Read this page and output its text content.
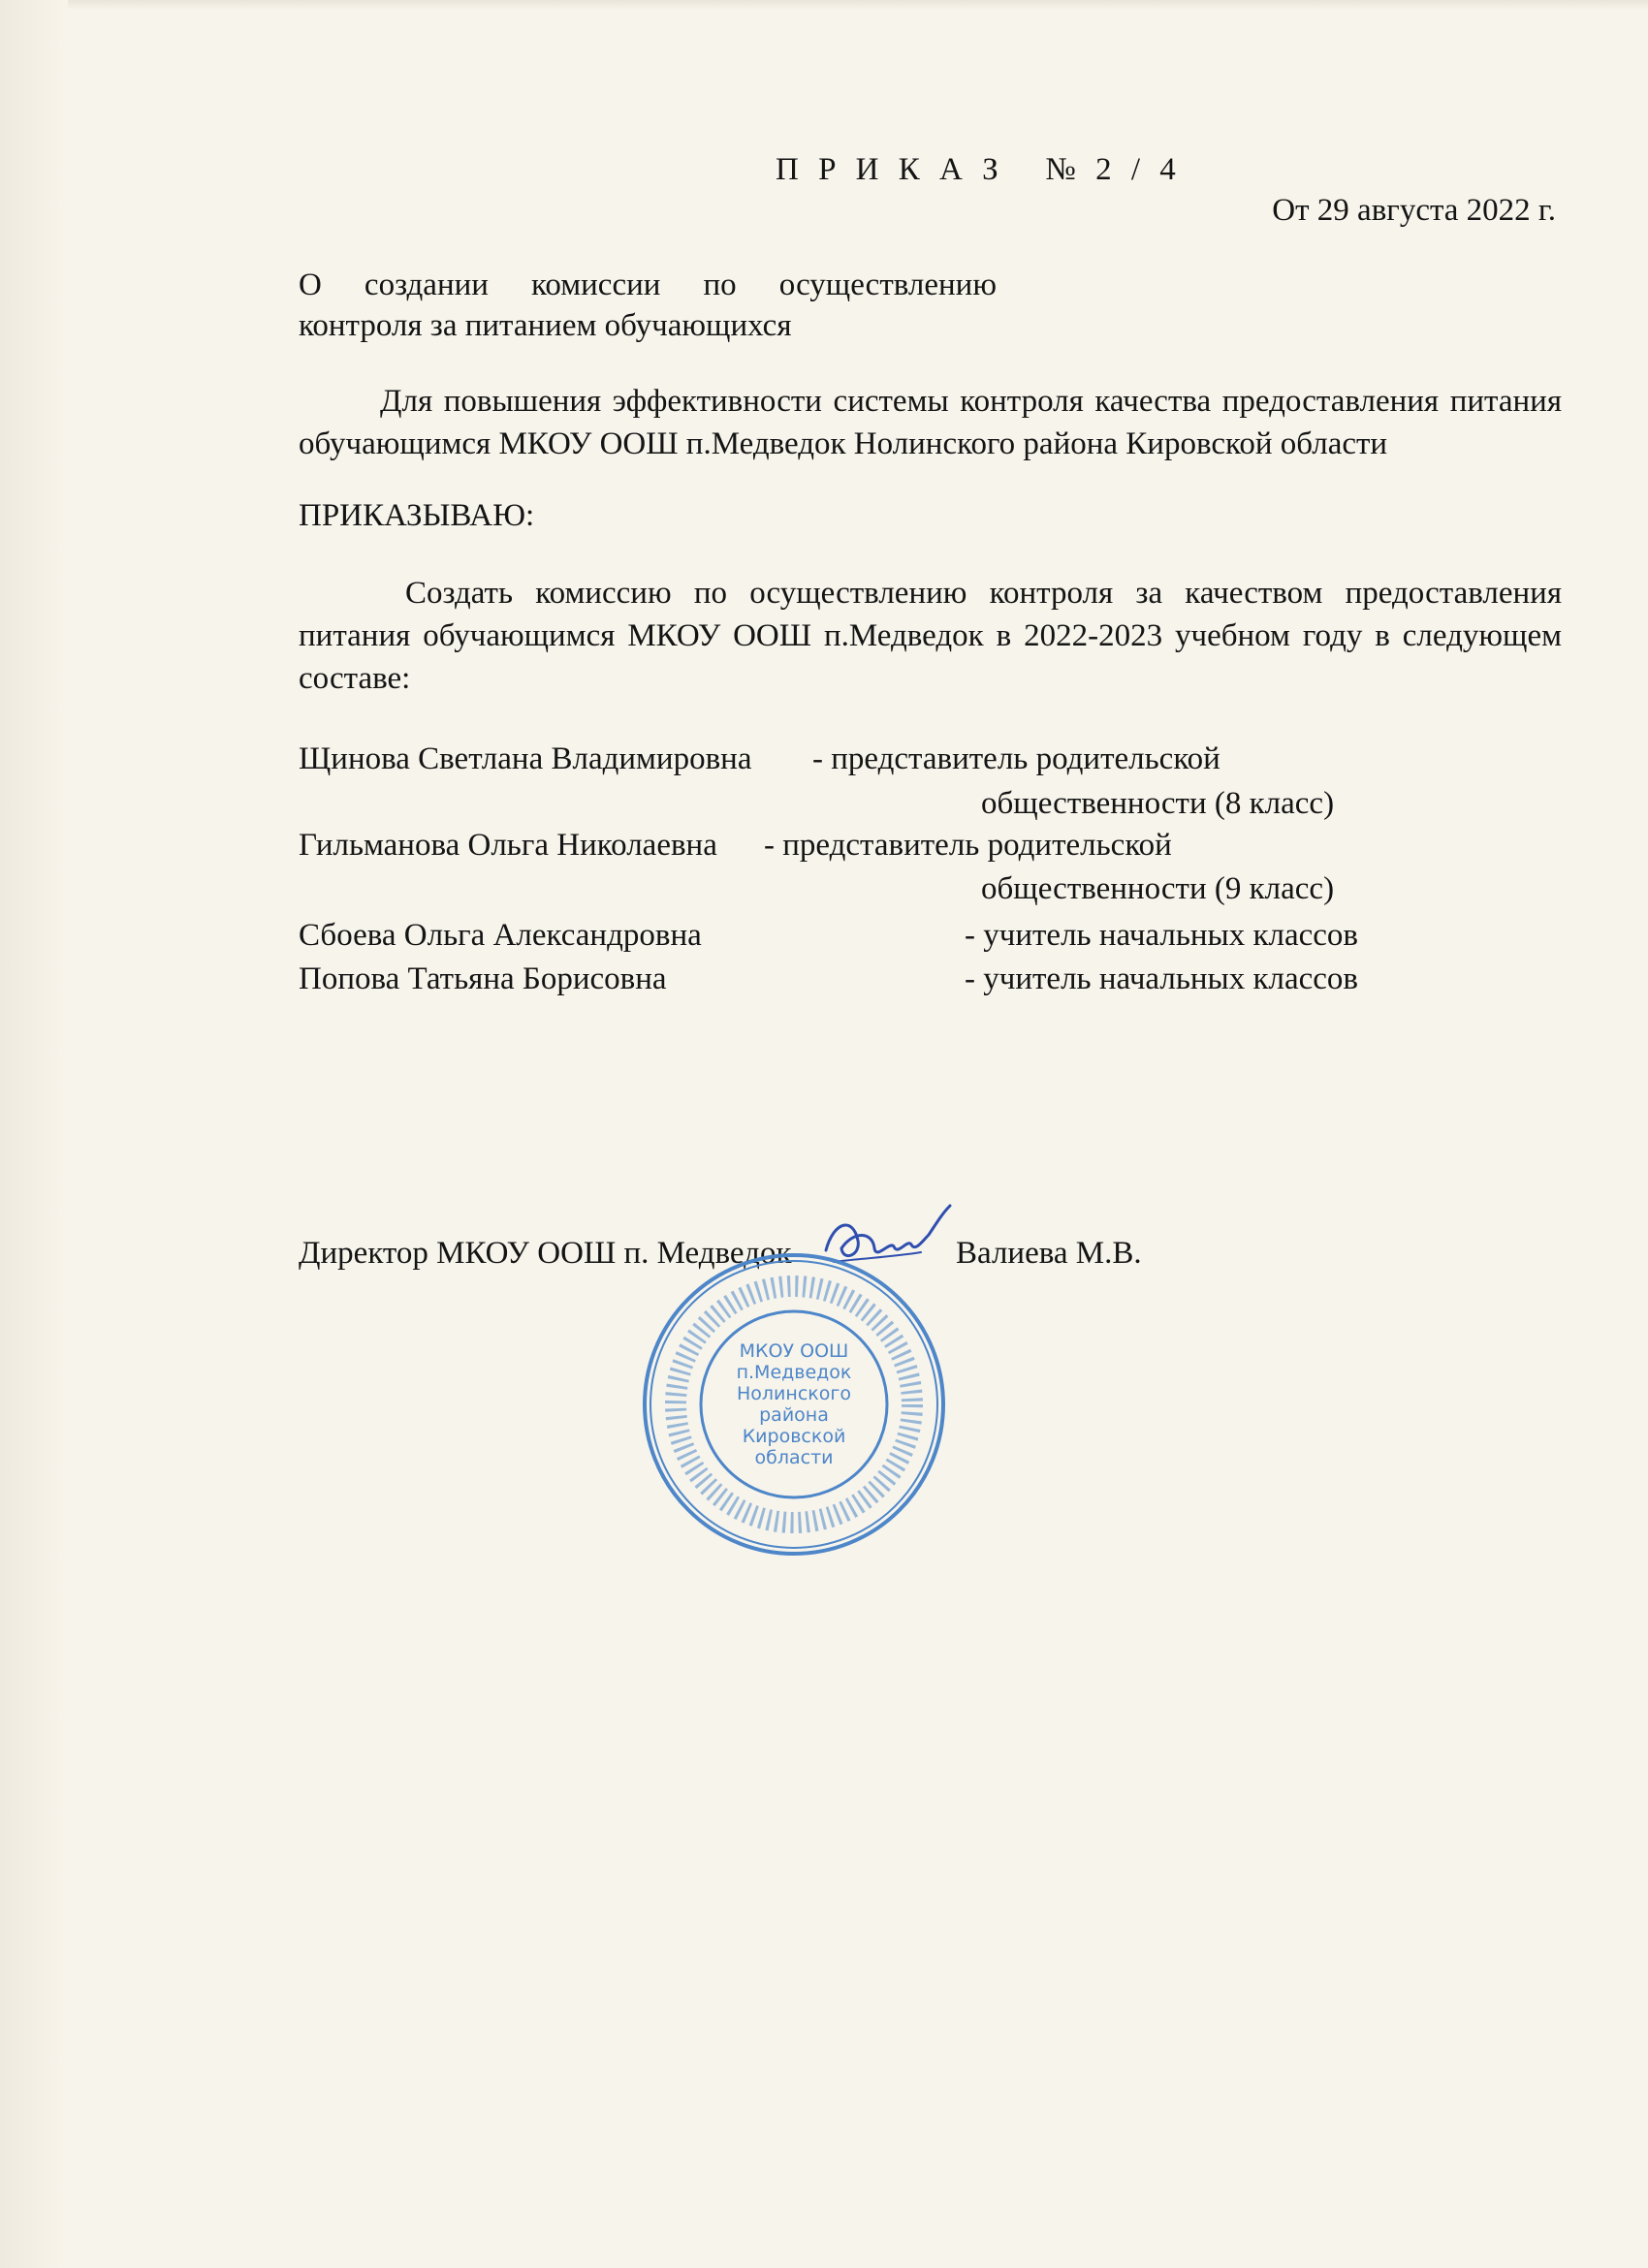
П Р И К А З   № 2 / 4
От 29 августа 2022 г.
О создании комиссии по осуществлению
контроля за питанием обучающихся
Для повышения эффективности системы контроля качества предоставления питания обучающимся МКОУ ООШ п.Медведок Нолинского района Кировской области
ПРИКАЗЫВАЮ:
Создать комиссию по осуществлению контроля за качеством предоставления питания обучающимся МКОУ ООШ п.Медведок в 2022-2023 учебном году в следующем составе:
Щинова Светлана Владимировна - представитель родительской
общественности (8 класс)
Гильманова Ольга Николаевна - представитель родительской
общественности (9 класс)
Сбоева Ольга Александровна	- учитель начальных классов
Попова Татьяна Борисовна	- учитель начальных классов
Директор МКОУ ООШ п. Медведок	Валиева М.В.
МКОУ ООШ
п.Медведок
Нолинского
района
Кировской
области
